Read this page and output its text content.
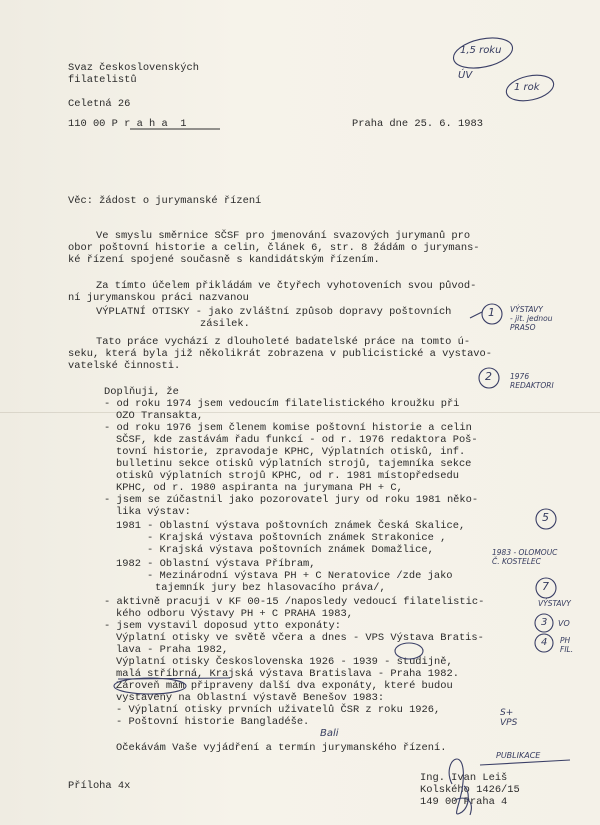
Svaz československých
filatelistů
Celetná 26
110 00 P r a h a  1	Praha dne 25. 6. 1983
Věc: žádost o jurymanské řízení
Ve smyslu směrnice SČSF pro jmenování svazových jurymanů pro
obor poštovní historie a celin, článek 6, str. 8 žádám o jurymans-
ké řízení spojené současně s kandidátským řízením.
Za tímto účelem přikládám ve čtyřech vyhotoveních svou původ-
ní jurymanskou práci nazvanou
VÝPLATNÍ OTISKY - jako zvláštní způsob dopravy poštovních
zásilek.
Tato práce vychází z dlouholeté badatelské práce na tomto ú-
seku, která byla již několikrát zobrazena v publicistické a vystavo-
vatelské činnosti.
Doplňuji, že
- od roku 1974 jsem vedoucím filatelistického kroužku při
OZO Transakta,
- od roku 1976 jsem členem komise poštovní historie a celin
SČSF, kde zastávám řadu funkcí - od r. 1976 redaktora Poš-
tovní historie, zpravodaje KPHC, Výplatních otisků, inf.
bulletinu sekce otisků výplatních strojů, tajemníka sekce
otisků výplatních strojů KPHC, od r. 1981 místopředsedu
KPHC, od r. 1980 aspiranta na jurymana PH + C,
- jsem se zúčastnil jako pozorovatel jury od roku 1981 něko-
lika výstav:
1981 - Oblastní výstava poštovních známek Česká Skalice,
- Krajská výstava poštovních známek Strakonice ,
- Krajská výstava poštovních známek Domažlice,
1982 - Oblastní výstava Příbram,
- Mezinárodní výstava PH + C Neratovice /zde jako
tajemník jury bez hlasovacího práva/,
- aktivně pracuji v KF 00-15 /naposledy vedoucí filatelistic-
kého odboru Výstavy PH + C PRAHA 1983,
- jsem vystavil doposud ytto exponáty:
Výplatní otisky ve světě včera a dnes - VPS Výstava Bratis-
lava - Praha 1982,
Výplatní otisky Československa 1926 - 1939 - studijně,
malá stříbrná, Krajská výstava Bratislava - Praha 1982.
Zároveň mám připraveny další dva exponáty, které budou
vystaveny na Oblastní výstavě Benešov 1983:
- Výplatní otisky prvních uživatelů ČSR z roku 1926,
- Poštovní historie Bangladéše.
Očekávám Vaše vyjádření a termín jurymanského řízení.
Ing. Ivan Leiš
Kolského 1426/15
149 00 Praha 4
Příloha 4x
1,5 roku
ÚV
1 rok
1 VÝSTAVY
- jit. jednou
PRASO
2 1976
REDAKTORI
5
1983 - OLOMOUC
Č. KOSTELEC
7
VÝSTAVY
3 VO
4 PH
FIL.
S+
VPS
PUBLIKACE
Bali
